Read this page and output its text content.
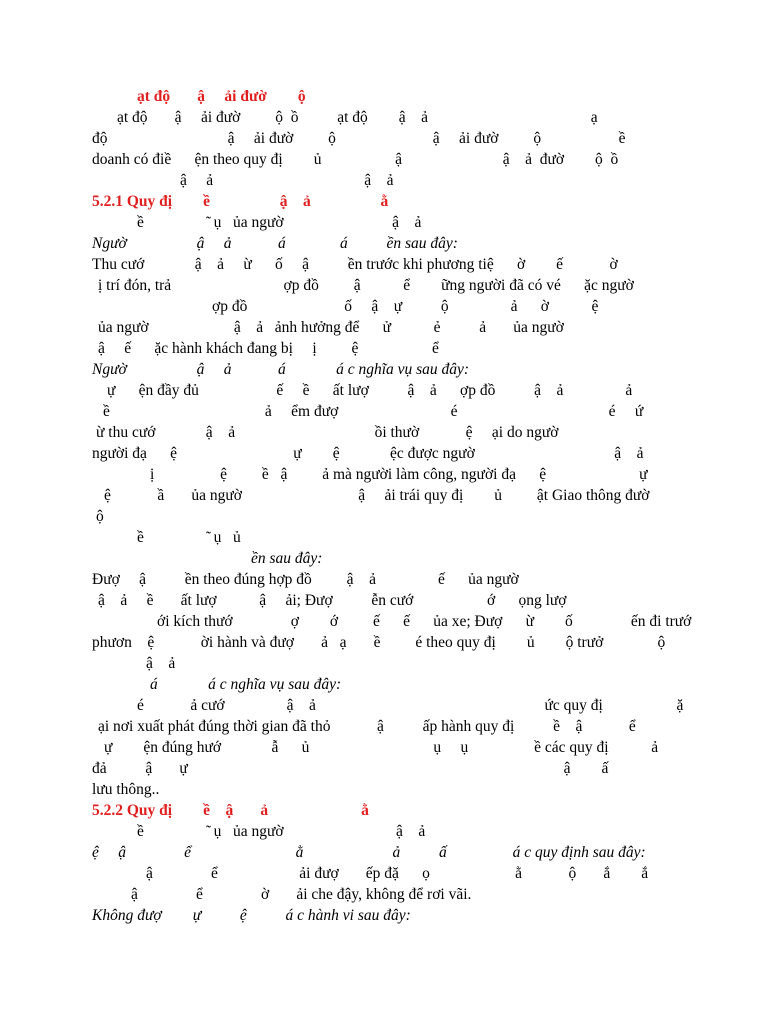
ạt độ       ậ     ải đườ        ộ
ạt độ       ậ     ải đườ         ộ  ồ          ạt độ        ậ    ả                                          ạ
độ                               ậ     ải đườ         ộ                         ậ     ải đườ         ộ                    ề
doanh có điề      ện theo quy đị        ủ                   ậ                          ậ    ả  đườ        ộ  ồ
ậ     ả                                       ậ    ả
5.2.1 Quy đị        ề                  ậ    ả                  ằ
ề                ̃  ụ   ủa ngườ                            ậ    ả
Ngườ                  ậ     ả            á              á          ền sau đây:
Thu cướ             ậ    ả     ừ      ố     ậ          ền trước khi phương tiệ      ờ        ế            ờ
ị trí đón, trả                             ợp đồ         ậ           ể        ững người đã có vé      ặc ngườ
ợp đồ                         ố     ậ    ự          ộ                ả      ờ           ệ
ủa ngườ                      ậ    ả   ảnh hưởng để      ử           ẻ          ả       ủa ngườ
ậ     ế      ặc hành khách đang bị     ị         ệ                   ể
Ngườ                  ậ     ả            á             á c nghĩa vụ sau đây:
ự      ện đầy đủ                    ế     ề      ất lượ          ậ    ả      ợp đồ          ậ    ả                ả
ề                                        ả     ểm đượ                             é                                       é     ứ
ừ thu cướ             ậ    ả                                    ồi thườ            ệ     ại do ngườ
người đạ      ệ                              ự        ệ             ệc được ngườ                                    ậ    ả
ị                 ệ         ề   ậ         ả mà người làm công, người đạ      ệ                        ự
ệ            ầ       ủa ngườ                              ậ     ải trái quy đị        ủ         ật Giao thông đườ
ộ
ề                ̃  ụ   ủ
ền sau đây:
Đượ     ậ          ền theo đúng hợp đồ         ậ    ả                ế      ủa ngườ
ậ    ả     ề       ất lượ           ậ     ải; Đượ          ễn cướ                   ớ      ọng lượ
ới kích thướ               ợ        ớ         ế      ế      ủa xe; Đượ      ừ        ố               ến đi trướ
phươn    ệ            ời hành và đượ       ả   ạ       ề         é theo quy đị        ủ        ộ trưở              ộ
ậ    ả
á             á c nghĩa vụ sau đây:
é            ả cướ                ậ    ả                                                           ức quy đị                   ặ
ại nơi xuất phát đúng thời gian đã thỏ            ậ          ấp hành quy đị          ề    ậ            ể
ự        ện đúng hướ             ẫ      ủ                                ụ     ụ                 ề các quy đị           ả
đả          ậ       ự                                                                                                 ậ        ấ
lưu thông..
5.2.2 Quy đị        ề    ậ       ả                        ằ
ề                ̃  ụ   ủa ngườ                             ậ    ả
ệ     ậ               ể                           ằ                       ả          ấ                 á c quy định sau đây:
ậ               ể                     ải đượ       ếp đặ      ọ                      ằ            ộ       ắ        ắ
ậ               ể               ờ       ải che đậy, không để rơi vãi.
Không đượ        ự          ệ          á c hành vi sau đây:
